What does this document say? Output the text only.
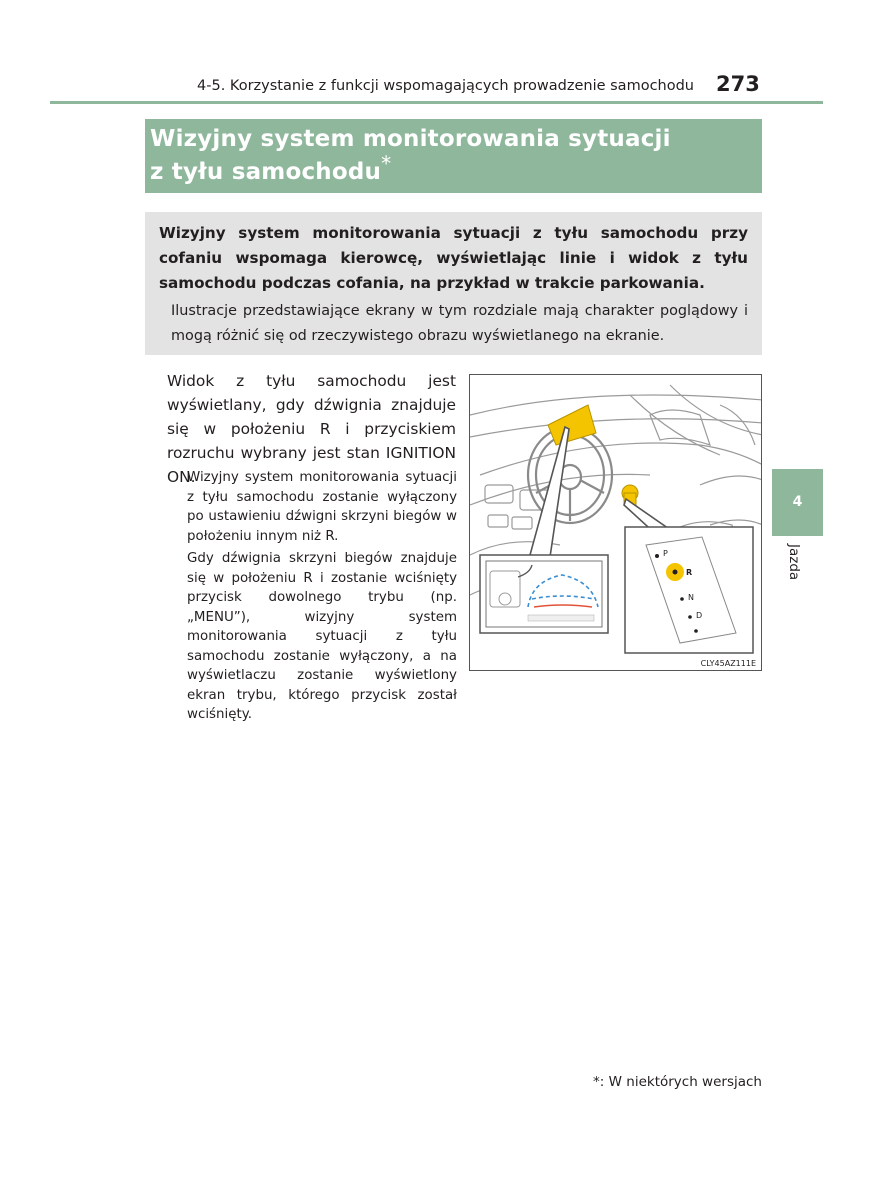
4-5. Korzystanie z funkcji wspomagających prowadzenie samochodu 273
Wizyjny system monitorowania sytuacji
z tyłu samochodu*
Wizyjny system monitorowania sytuacji z tyłu samochodu przy cofaniu wspomaga kierowcę, wyświetlając linie i widok z tyłu samochodu podczas cofania, na przykład w trakcie parkowania.
Ilustracje przedstawiające ekrany w tym rozdziale mają charakter poglądowy i mogą różnić się od rzeczywistego obrazu wyświetlanego na ekranie.
Widok z tyłu samochodu jest wyświetlany, gdy dźwignia znajduje się w położeniu R i przyciskiem rozruchu wybrany jest stan IGNITION ON.
Wizyjny system monitorowania sytuacji z tyłu samochodu zostanie wyłączony po ustawieniu dźwigni skrzyni biegów w położeniu innym niż R.
Gdy dźwignia skrzyni biegów znajduje się w położeniu R i zostanie wciśnięty przycisk dowolnego trybu (np. „MENU”), wizyjny system monitorowania sytuacji z tyłu samochodu zostanie wyłączony, a na wyświetlaczu zostanie wyświetlony ekran trybu, którego przycisk został wciśnięty.
P
R
N
D
CLY45AZ111E
4
Jazda
*: W niektórych wersjach
